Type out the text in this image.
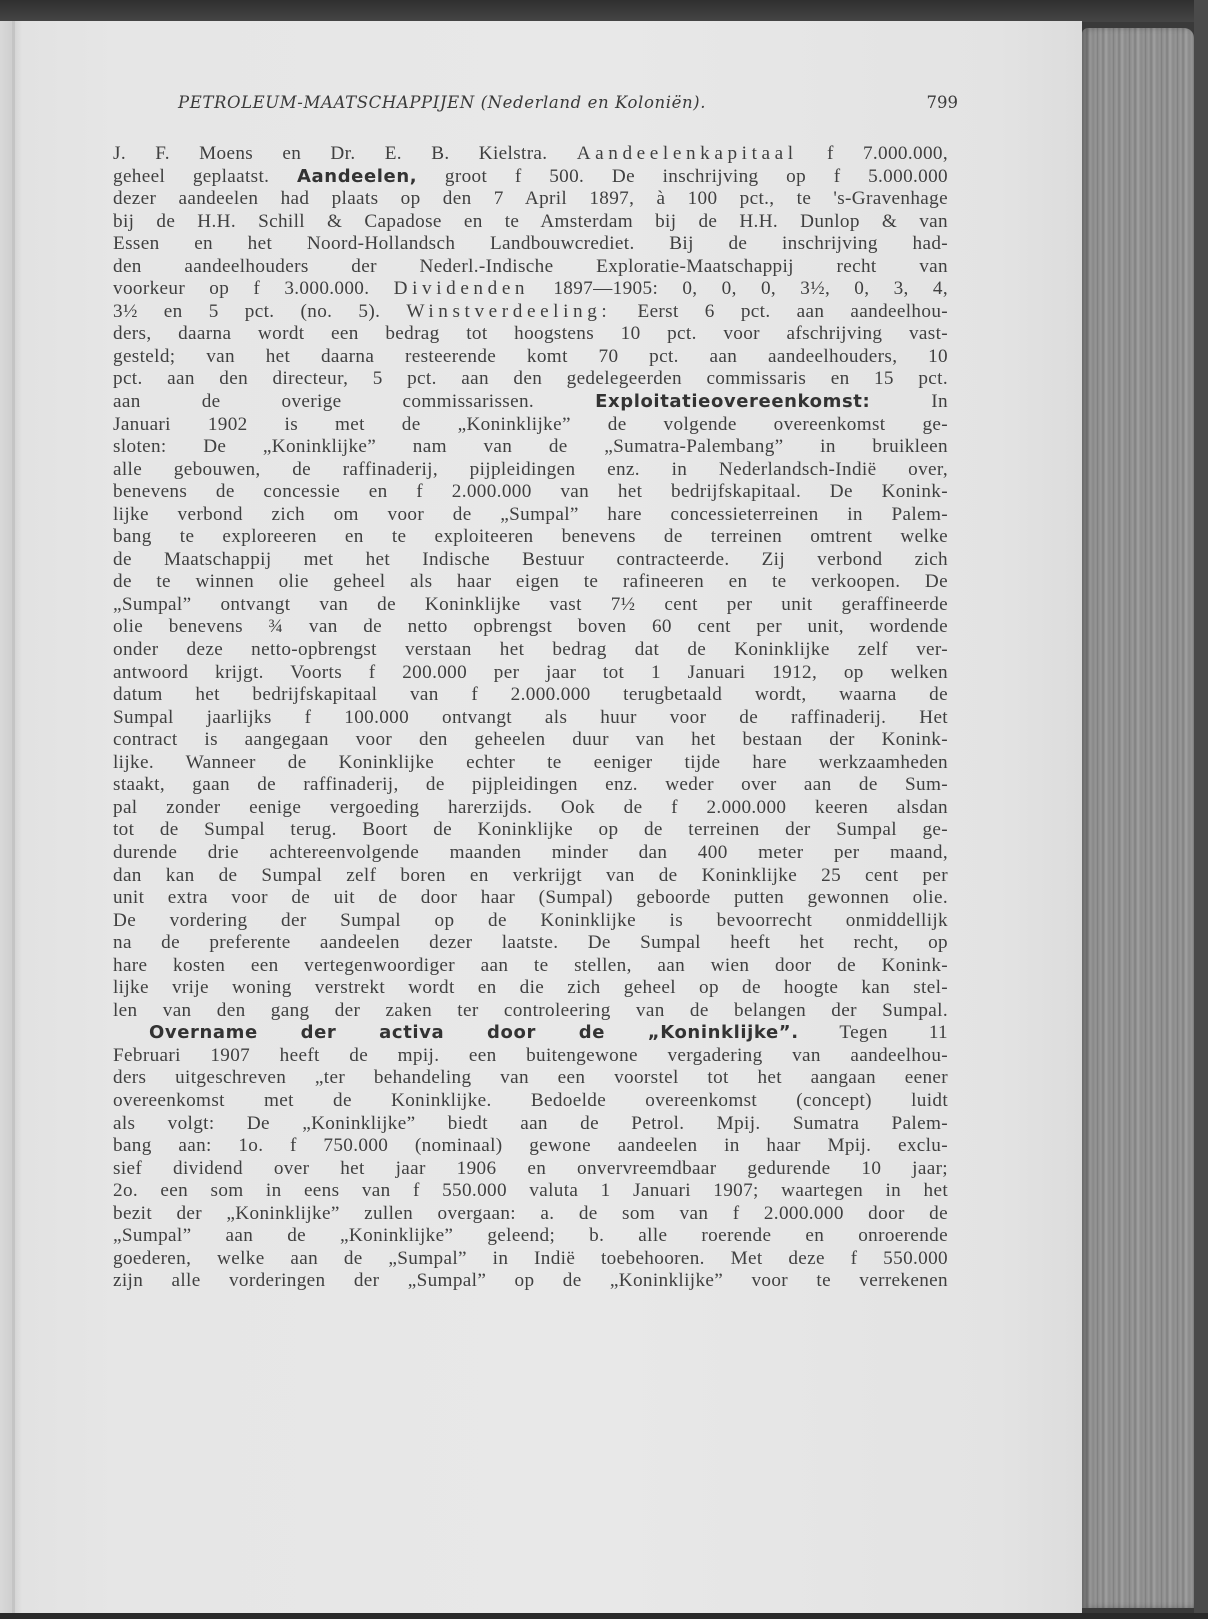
PETROLEUM-MAATSCHAPPIJEN (Nederland en Koloniën).	799
J. F. Moens en Dr. E. B. Kielstra. Aandeelenkapitaal f 7.000.000,
geheel geplaatst. Aandeelen, groot f 500. De inschrijving op f 5.000.000
dezer aandeelen had plaats op den 7 April 1897, à 100 pct., te 's-Gravenhage
bij de H.H. Schill & Capadose en te Amsterdam bij de H.H. Dunlop & van
Essen en het Noord-Hollandsch Landbouwcrediet. Bij de inschrijving had-
den aandeelhouders der Nederl.-Indische Exploratie-Maatschappij recht van
voorkeur op f 3.000.000. Dividenden 1897—1905: 0, 0, 0, 3½, 0, 3, 4,
3½ en 5 pct. (no. 5). Winstverdeeling: Eerst 6 pct. aan aandeelhou-
ders, daarna wordt een bedrag tot hoogstens 10 pct. voor afschrijving vast-
gesteld; van het daarna resteerende komt 70 pct. aan aandeelhouders, 10
pct. aan den directeur, 5 pct. aan den gedelegeerden commissaris en 15 pct.
aan de overige commissarissen. Exploitatieovereenkomst: In
Januari 1902 is met de „Koninklijke” de volgende overeenkomst ge-
sloten: De „Koninklijke” nam van de „Sumatra-Palembang” in bruikleen
alle gebouwen, de raffinaderij, pijpleidingen enz. in Nederlandsch-Indië over,
benevens de concessie en f 2.000.000 van het bedrijfskapitaal. De Konink-
lijke verbond zich om voor de „Sumpal” hare concessieterreinen in Palem-
bang te exploreeren en te exploiteeren benevens de terreinen omtrent welke
de Maatschappij met het Indische Bestuur contracteerde. Zij verbond zich
de te winnen olie geheel als haar eigen te rafineeren en te verkoopen. De
„Sumpal” ontvangt van de Koninklijke vast 7½ cent per unit geraffineerde
olie benevens ¾ van de netto opbrengst boven 60 cent per unit, wordende
onder deze netto-opbrengst verstaan het bedrag dat de Koninklijke zelf ver-
antwoord krijgt. Voorts f 200.000 per jaar tot 1 Januari 1912, op welken
datum het bedrijfskapitaal van f 2.000.000 terugbetaald wordt, waarna de
Sumpal jaarlijks f 100.000 ontvangt als huur voor de raffinaderij. Het
contract is aangegaan voor den geheelen duur van het bestaan der Konink-
lijke. Wanneer de Koninklijke echter te eeniger tijde hare werkzaamheden
staakt, gaan de raffinaderij, de pijpleidingen enz. weder over aan de Sum-
pal zonder eenige vergoeding harerzijds. Ook de f 2.000.000 keeren alsdan
tot de Sumpal terug. Boort de Koninklijke op de terreinen der Sumpal ge-
durende drie achtereenvolgende maanden minder dan 400 meter per maand,
dan kan de Sumpal zelf boren en verkrijgt van de Koninklijke 25 cent per
unit extra voor de uit de door haar (Sumpal) geboorde putten gewonnen olie.
De vordering der Sumpal op de Koninklijke is bevoorrecht onmiddellijk
na de preferente aandeelen dezer laatste. De Sumpal heeft het recht, op
hare kosten een vertegenwoordiger aan te stellen, aan wien door de Konink-
lijke vrije woning verstrekt wordt en die zich geheel op de hoogte kan stel-
len van den gang der zaken ter controleering van de belangen der Sumpal.
Overname der activa door de „Koninklijke”. Tegen 11
Februari 1907 heeft de mpij. een buitengewone vergadering van aandeelhou-
ders uitgeschreven „ter behandeling van een voorstel tot het aangaan eener
overeenkomst met de Koninklijke. Bedoelde overeenkomst (concept) luidt
als volgt: De „Koninklijke” biedt aan de Petrol. Mpij. Sumatra Palem-
bang aan: 1o. f 750.000 (nominaal) gewone aandeelen in haar Mpij. exclu-
sief dividend over het jaar 1906 en onvervreemdbaar gedurende 10 jaar;
2o. een som in eens van f 550.000 valuta 1 Januari 1907; waartegen in het
bezit der „Koninklijke” zullen overgaan: a. de som van f 2.000.000 door de
„Sumpal” aan de „Koninklijke” geleend; b. alle roerende en onroerende
goederen, welke aan de „Sumpal” in Indië toebehooren. Met deze f 550.000
zijn alle vorderingen der „Sumpal” op de „Koninklijke” voor te verrekenen
